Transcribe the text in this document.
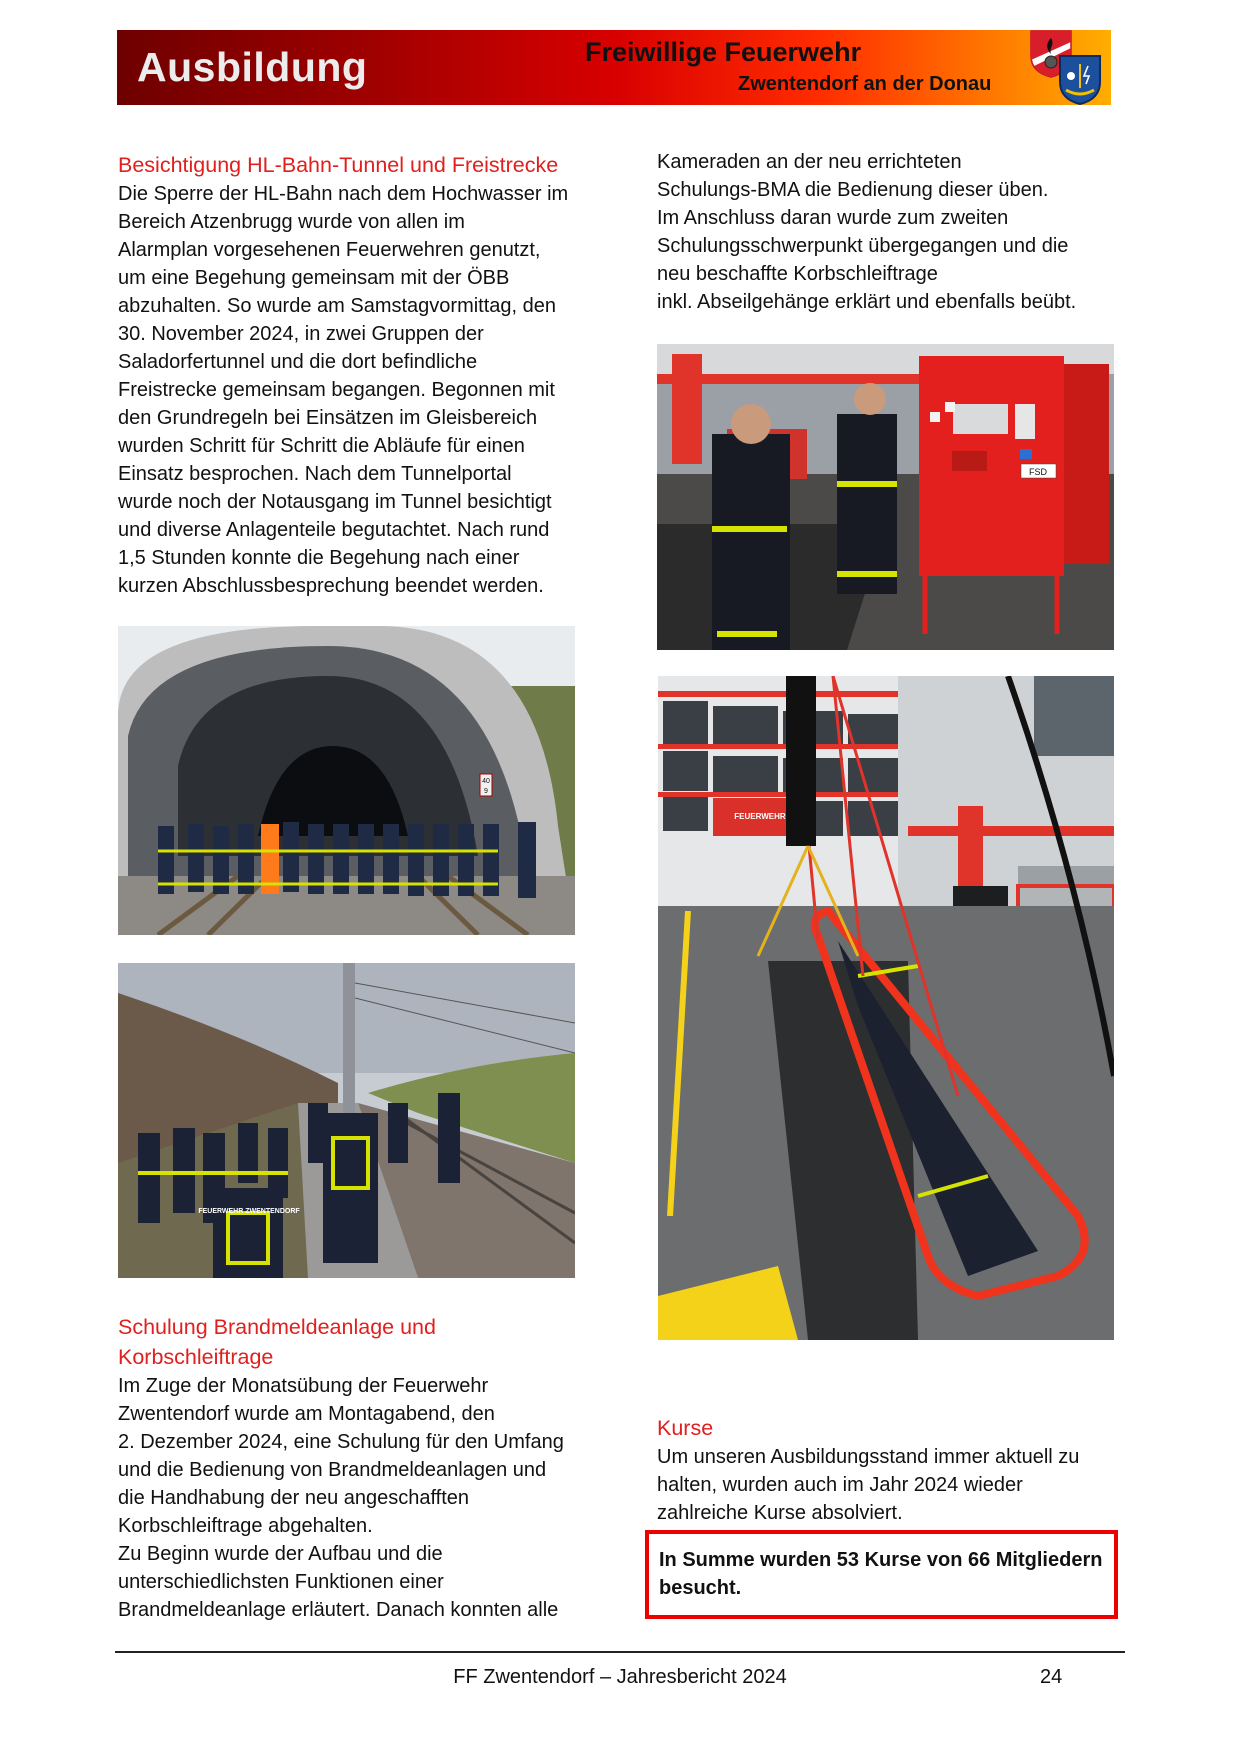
Ausbildung	Freiwillige Feuerwehr
Zwentendorf an der Donau

Besichtigung HL-Bahn-Tunnel und Freistrecke

Die Sperre der HL-Bahn nach dem Hochwasser im

Bereich Atzenbrugg wurde von allen im

Alarmplan vorgesehenen Feuerwehren genutzt,

um eine Begehung gemeinsam mit der ÖBB

abzuhalten. So wurde am Samstagvormittag, den

30. November 2024, in zwei Gruppen der

Saladorfertunnel und die dort befindliche

Freistrecke gemeinsam begangen. Begonnen mit

den Grundregeln bei Einsätzen im Gleisbereich

wurden Schritt für Schritt die Abläufe für einen

Einsatz besprochen. Nach dem Tunnelportal

wurde noch der Notausgang im Tunnel besichtigt

und diverse Anlagenteile begutachtet. Nach rund

1,5 Stunden konnte die Begehung nach einer

kurzen Abschlussbesprechung beendet werden.

40
9
FEUERWEHR ZWENTENDORF

Schulung Brandmeldeanlage und

Korbschleiftrage

Im Zuge der Monatsübung der Feuerwehr

Zwentendorf wurde am Montagabend, den

2. Dezember 2024, eine Schulung für den Umfang

und die Bedienung von Brandmeldeanlagen und

die Handhabung der neu angeschafften

Korbschleiftrage abgehalten.

Zu Beginn wurde der Aufbau und die

unterschiedlichsten Funktionen einer

Brandmeldeanlage erläutert. Danach konnten alle

Kameraden an der neu errichteten

Schulungs-BMA die Bedienung dieser üben.

Im Anschluss daran wurde zum zweiten

Schulungsschwerpunkt übergegangen und die

neu beschaffte Korbschleiftrage

inkl. Abseilgehänge erklärt und ebenfalls beübt.

FSD
FEUERWEHR

Kurse

Um unseren Ausbildungsstand immer aktuell zu

halten, wurden auch im Jahr 2024 wieder

zahlreiche Kurse absolviert.

In Summe wurden 53 Kurse von 66 Mitgliedern
besucht.
FF Zwentendorf – Jahresbericht 2024	24
